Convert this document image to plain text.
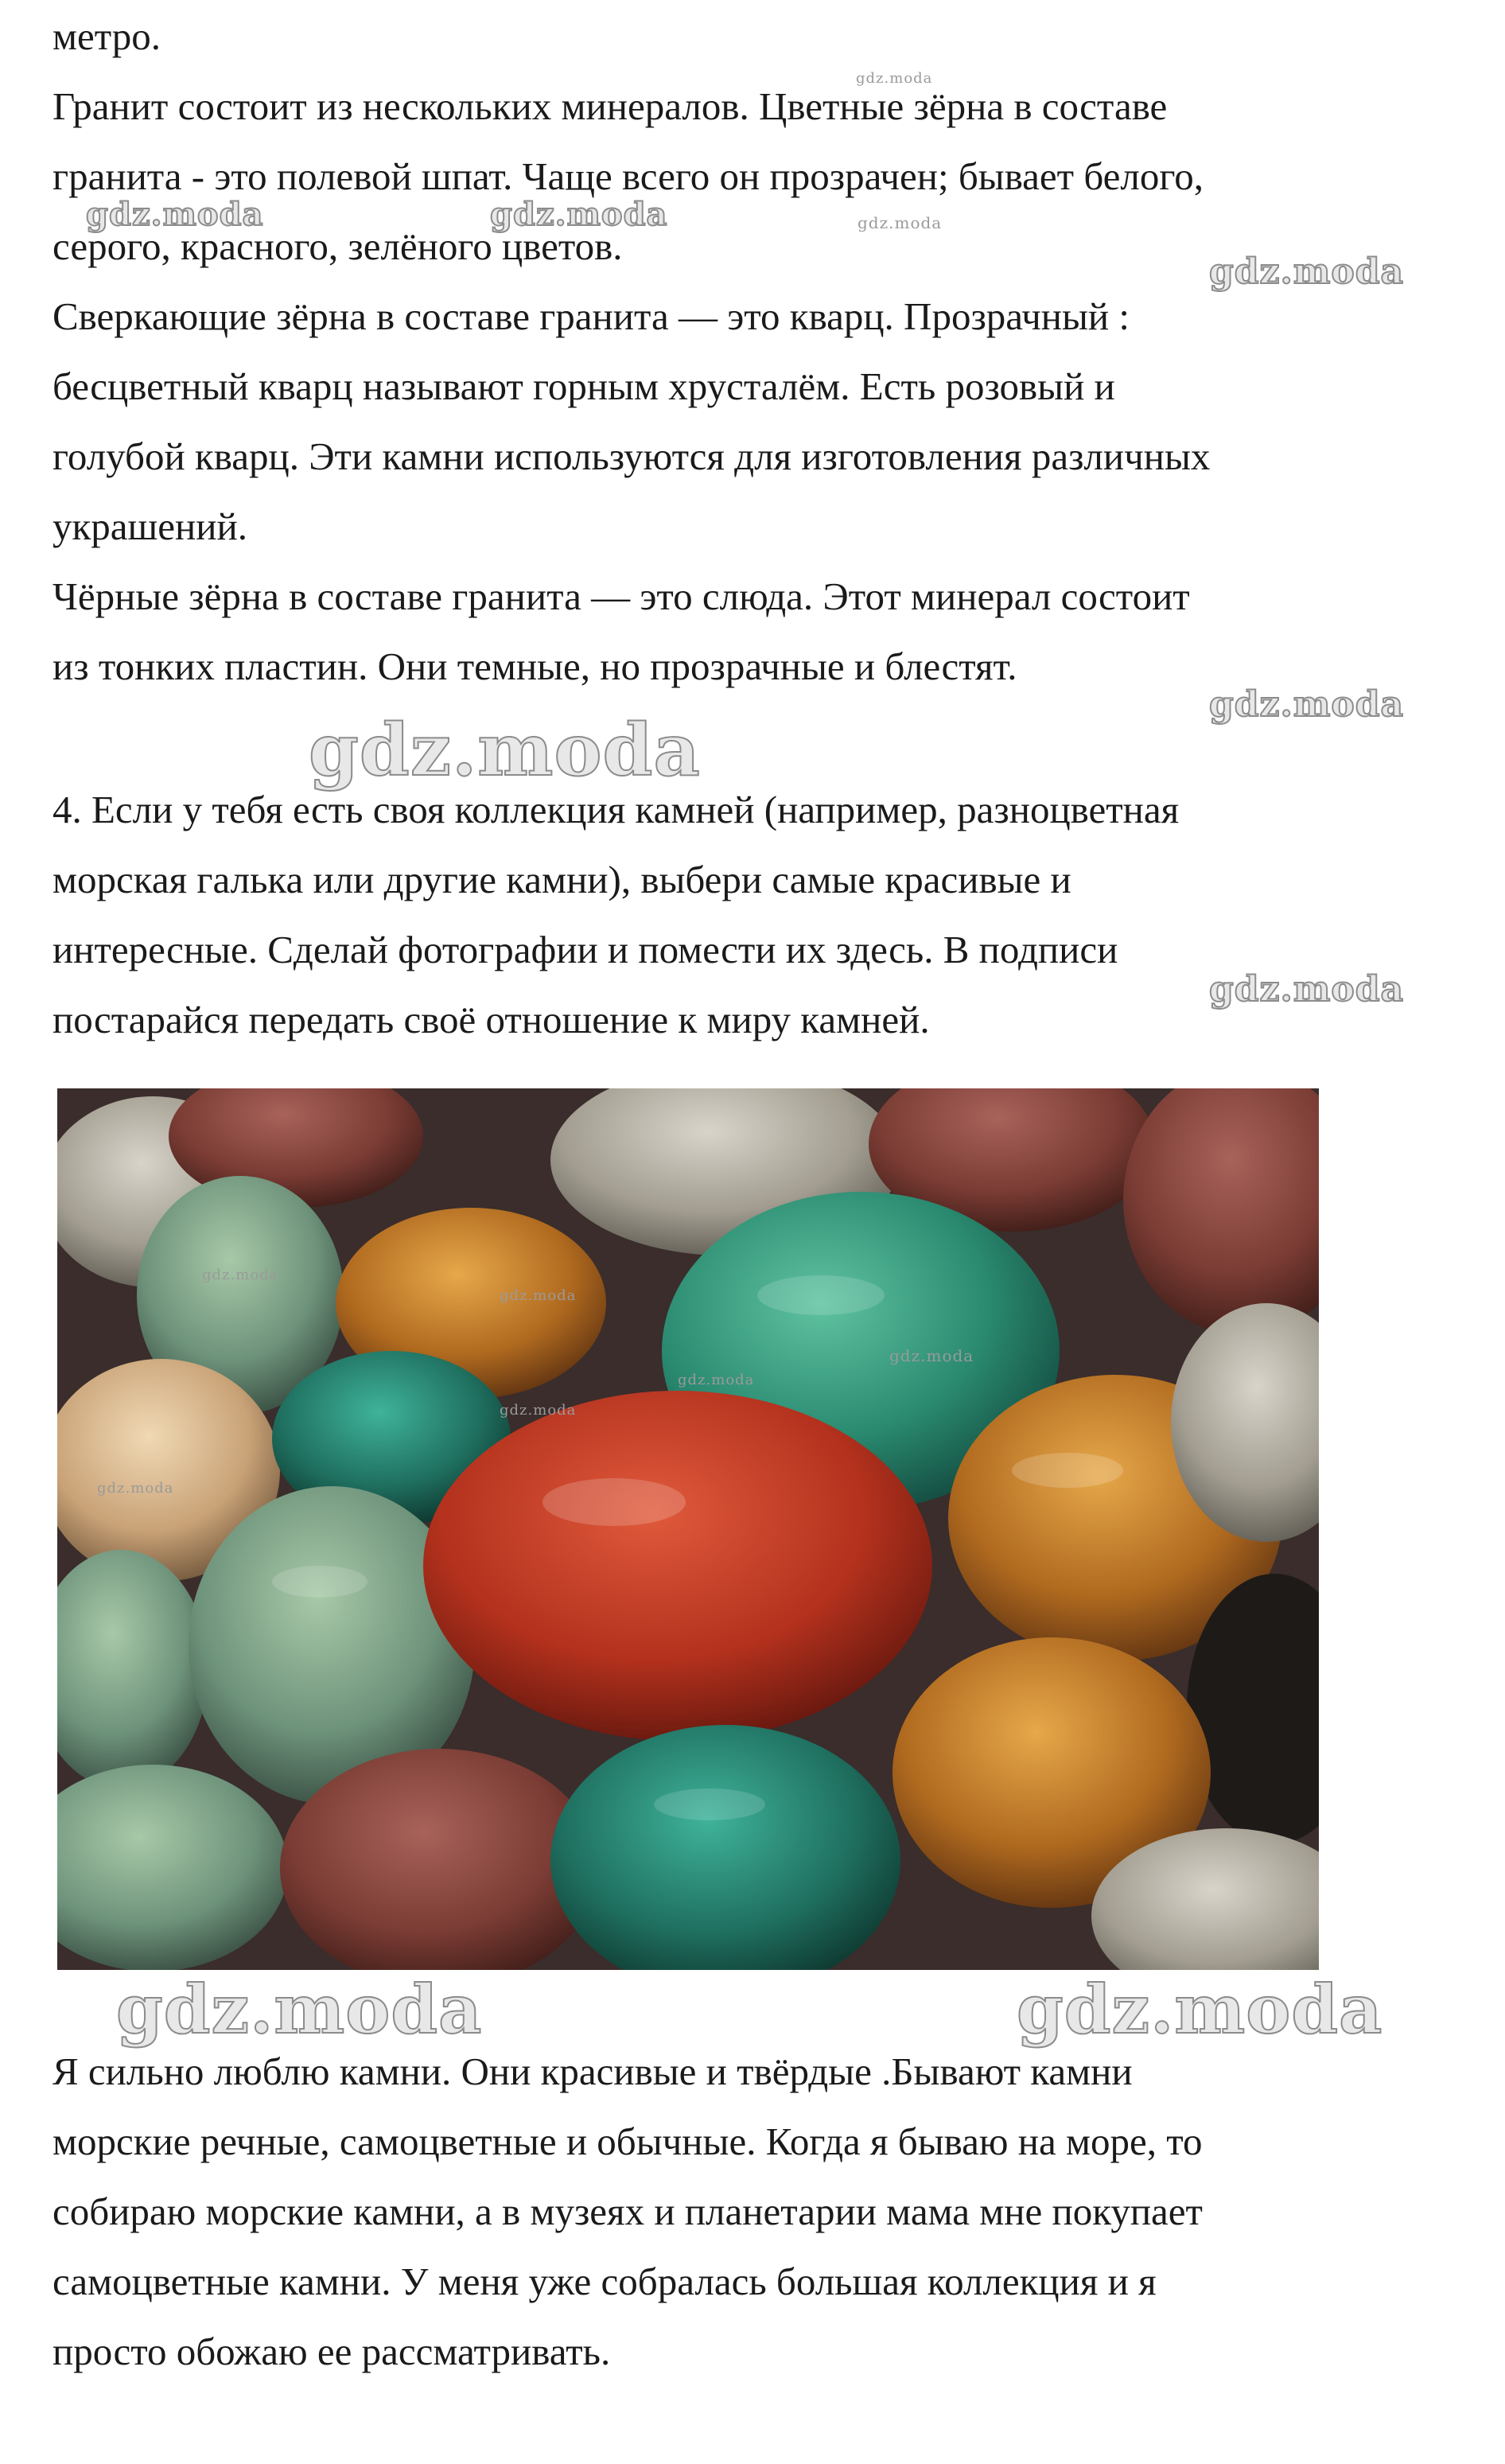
метро.

Гранит состоит из нескольких минералов. Цветные зёрна в составе
гранита - это полевой шпат. Чаще всего он прозрачен; бывает белого,
серого, красного, зелёного цветов.

Сверкающие зёрна в составе гранита — это кварц. Прозрачный :
бесцветный кварц называют горным хрусталём. Есть розовый и
голубой кварц. Эти камни используются для изготовления различных
украшений.

Чёрные зёрна в составе гранита — это слюда. Этот минерал состоит
из тонких пластин. Они темные, но прозрачные и блестят.

4. Если у тебя есть своя коллекция камней (например, разноцветная
морская галька или другие камни), выбери самые красивые и
интересные. Сделай фотографии и помести их здесь. В подписи
постарайся передать своё отношение к миру камней.

Я сильно люблю камни. Они красивые и твёрдые .Бывают камни
морские речные, самоцветные и обычные. Когда я бываю на море, то
собираю морские камни, а в музеях и планетарии мама мне покупает
самоцветные камни. У меня уже собралась большая коллекция и я
просто обожаю ее рассматривать.

gdz.moda
gdz.moda	gdz.moda	gdz.moda
gdz.moda
gdz.moda
gdz.moda
gdz.moda
gdz.moda
gdz.moda
gdz.moda
gdz.moda
gdz.moda
gdz.moda
gdz.moda	gdz.moda
